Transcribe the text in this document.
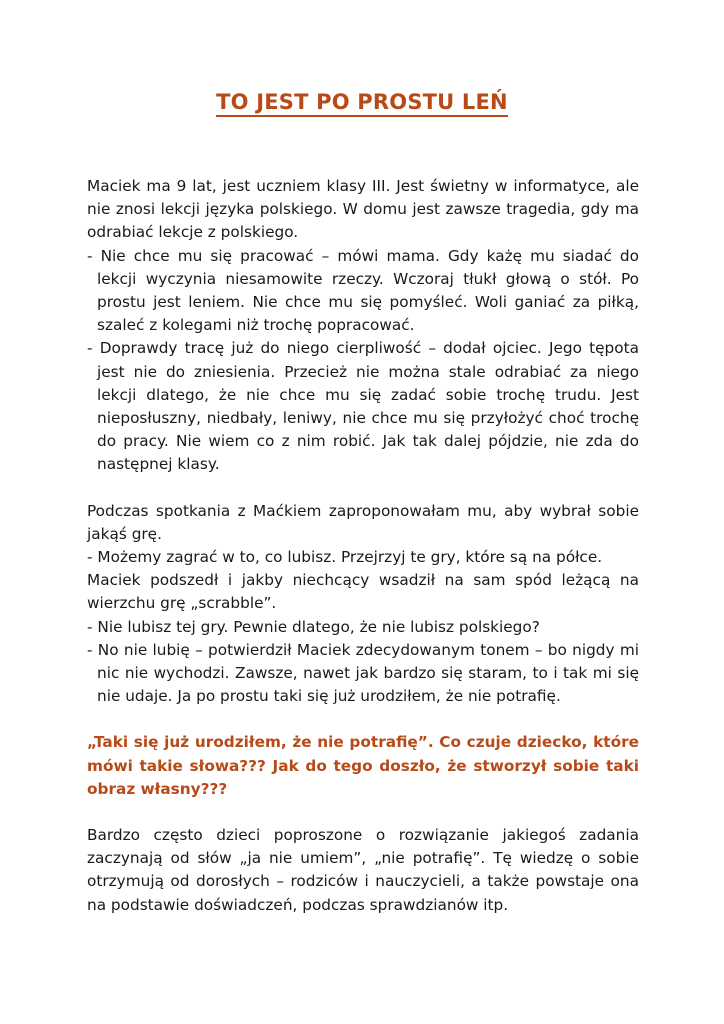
TO JEST PO PROSTU LEŃ
Maciek ma 9 lat, jest uczniem klasy III. Jest świetny w informatyce, ale nie znosi lekcji języka polskiego. W domu jest zawsze tragedia, gdy ma odrabiać lekcje z polskiego.
- Nie chce mu się pracować – mówi mama. Gdy każę mu siadać do lekcji wyczynia niesamowite rzeczy. Wczoraj tłukł głową o stół. Po prostu jest leniem. Nie chce mu się pomyśleć. Woli ganiać za piłką, szaleć z kolegami niż trochę popracować.
- Doprawdy tracę już do niego cierpliwość – dodał ojciec. Jego tępota jest nie do zniesienia. Przecież nie można stale odrabiać za niego lekcji dlatego, że nie chce mu się zadać sobie trochę trudu. Jest nieposłuszny, niedbały, leniwy, nie chce mu się przyłożyć choć trochę do pracy. Nie wiem co z nim robić. Jak tak dalej pójdzie, nie zda do następnej klasy.
Podczas spotkania z Maćkiem zaproponowałam mu, aby wybrał sobie jakąś grę.
- Możemy zagrać w to, co lubisz. Przejrzyj te gry, które są na półce.
Maciek podszedł i jakby niechcący wsadził na sam spód leżącą na wierzchu grę „scrabble”.
- Nie lubisz tej gry. Pewnie dlatego, że nie lubisz polskiego?
- No nie lubię – potwierdził Maciek zdecydowanym tonem – bo nigdy mi nic nie wychodzi. Zawsze, nawet jak bardzo się staram, to i tak mi się nie udaje. Ja po prostu taki się już urodziłem, że nie potrafię.
„Taki się już urodziłem, że nie potrafię”. Co czuje dziecko, które mówi takie słowa??? Jak do tego doszło, że stworzył sobie taki obraz własny???
Bardzo często dzieci poproszone o rozwiązanie jakiegoś zadania zaczynają od słów „ja nie umiem”, „nie potrafię”. Tę wiedzę o sobie otrzymują od dorosłych – rodziców i nauczycieli, a także powstaje ona na podstawie doświadczeń, podczas sprawdzianów itp.
